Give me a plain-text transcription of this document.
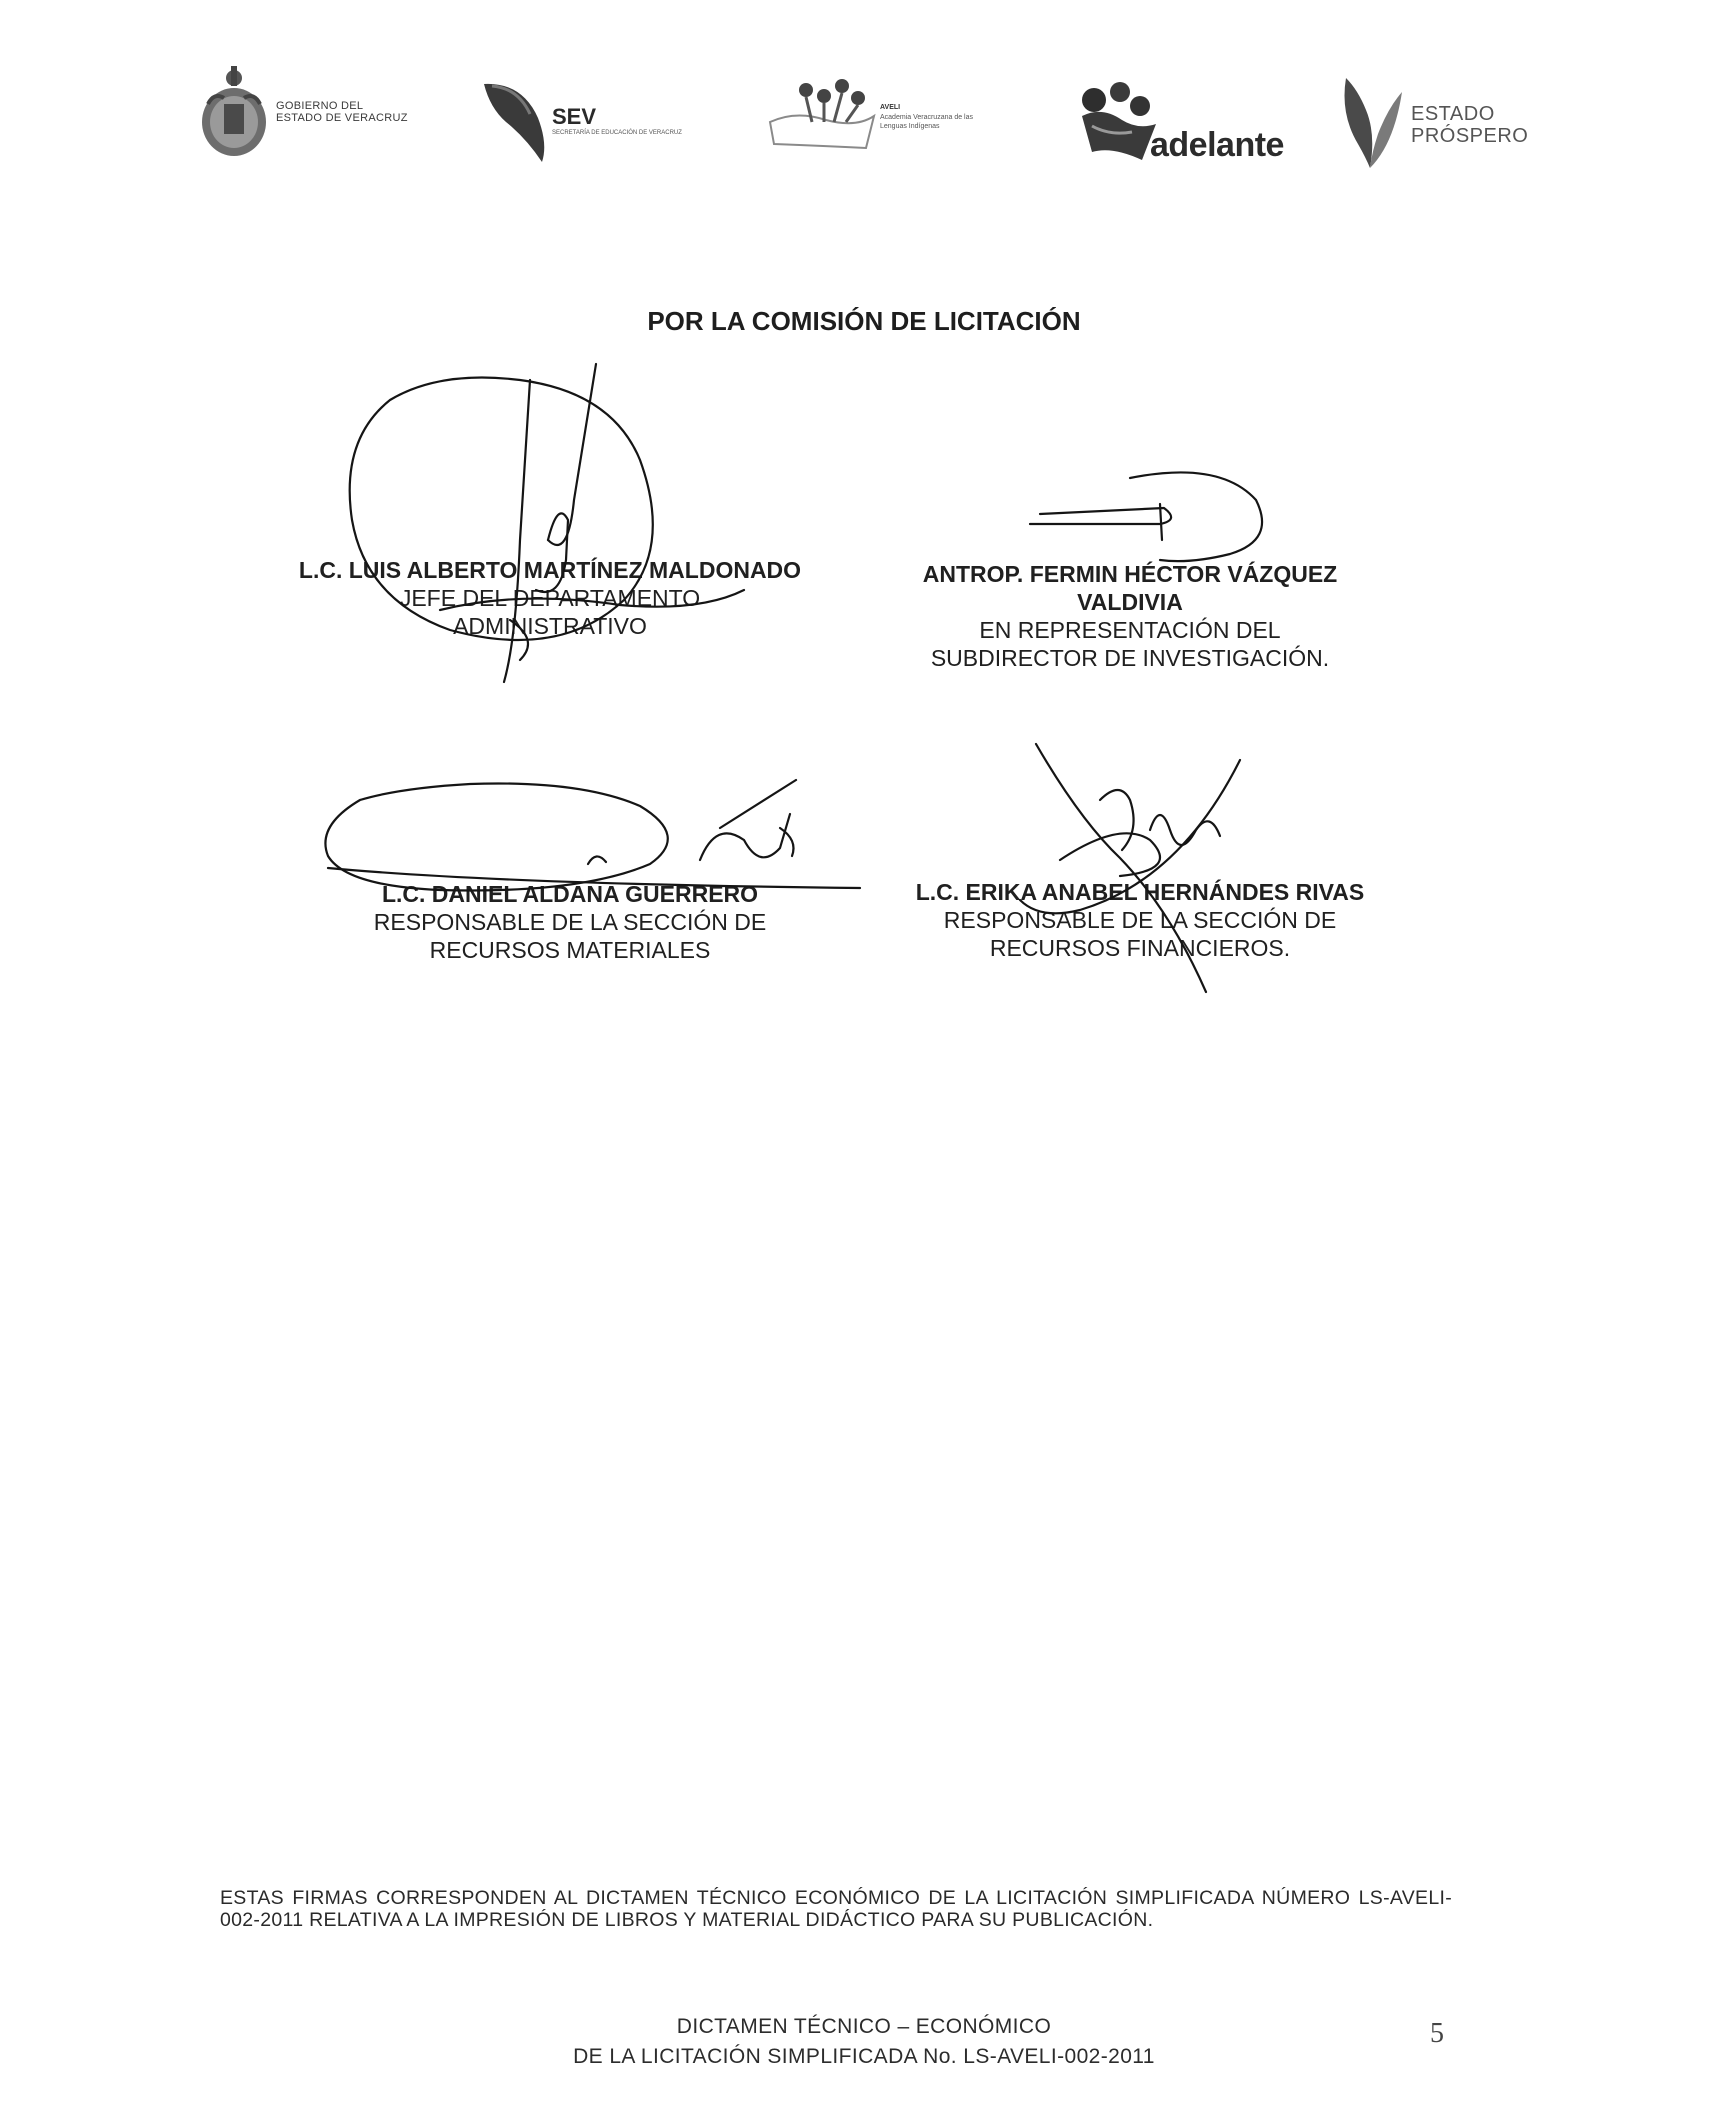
GOBIERNO DEL
ESTADO DE VERACRUZ	SEV
SECRETARÍA DE EDUCACIÓN DE VERACRUZ
AVELI
Academia Veracruzana de las
Lenguas Indígenas	adelante
ESTADO
PRÓSPERO
POR LA COMISIÓN DE LICITACIÓN
L.C. LUIS ALBERTO MARTÍNEZ MALDONADO
JEFE DEL DEPARTAMENTO
ADMINISTRATIVO
ANTROP. FERMIN HÉCTOR VÁZQUEZ
VALDIVIA
EN REPRESENTACIÓN DEL
SUBDIRECTOR DE INVESTIGACIÓN.
L.C. DANIEL ALDANA GUERRERO
RESPONSABLE DE LA SECCIÓN DE
RECURSOS MATERIALES
L.C. ERIKA ANABEL HERNÁNDES RIVAS
RESPONSABLE DE LA SECCIÓN DE
RECURSOS FINANCIEROS.
ESTAS FIRMAS CORRESPONDEN AL DICTAMEN TÉCNICO ECONÓMICO DE LA LICITACIÓN SIMPLIFICADA NÚMERO LS-AVELI-002-2011 RELATIVA A LA IMPRESIÓN DE LIBROS Y MATERIAL DIDÁCTICO PARA SU PUBLICACIÓN.
DICTAMEN TÉCNICO – ECONÓMICO
DE LA LICITACIÓN SIMPLIFICADA No. LS-AVELI-002-2011
5
